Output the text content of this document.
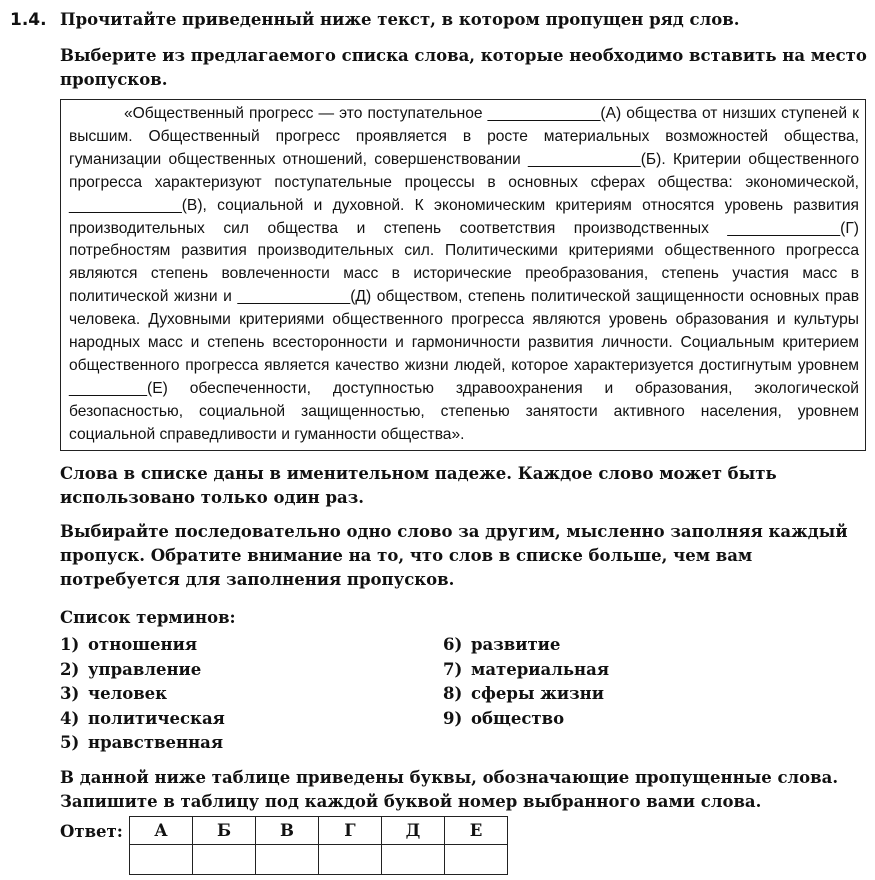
1.4. Прочитайте приведенный ниже текст, в котором пропущен ряд слов.
Выберите из предлагаемого списка слова, которые необходимо вставить на место пропусков.

«Общественный прогресс — это поступательное _____________(А) общества от низших ступеней к высшим. Общественный прогресс проявляется в росте материальных возможностей общества, гуманизации общественных отношений, совершенствовании _____________(Б). Критерии общественного прогресса характеризуют поступательные процессы в основных сферах общества: экономической, _____________(В), социальной и духовной. К экономическим критериям относятся уровень развития производительных сил общества и степень соответствия производственных _____________(Г) потребностям развития производительных сил. Политическими критериями общественного прогресса являются степень вовлеченности масс в исторические преобразования, степень участия масс в политической жизни и _____________(Д) обществом, степень политической защищенности основных прав человека. Духовными критериями общественного прогресса являются уровень образования и культуры народных масс и степень всесторонности и гармоничности развития личности. Социальным критерием общественного прогресса является качество жизни людей, которое характеризуется достигнутым уровнем _________(Е) обеспеченности, доступностью здравоохранения и образования, экологической безопасностью, социальной защищенностью, степенью занятости активного населения, уровнем социальной справедливости и гуманности общества».

Слова в списке даны в именительном падеже. Каждое слово может быть использовано только один раз.
Выбирайте последовательно одно слово за другим, мысленно заполняя каждый пропуск. Обратите внимание на то, что слов в списке больше, чем вам потребуется для заполнения пропусков.
Список терминов:
1) отношения
2) управление
3) человек
4) политическая
5) нравственная
6) развитие
7) материальная
8) сферы жизни
9) общество
В данной ниже таблице приведены буквы, обозначающие пропущенные слова. Запишите в таблицу под каждой буквой номер выбранного вами слова.
Ответ: А	Б	В	Г	Д	Е
